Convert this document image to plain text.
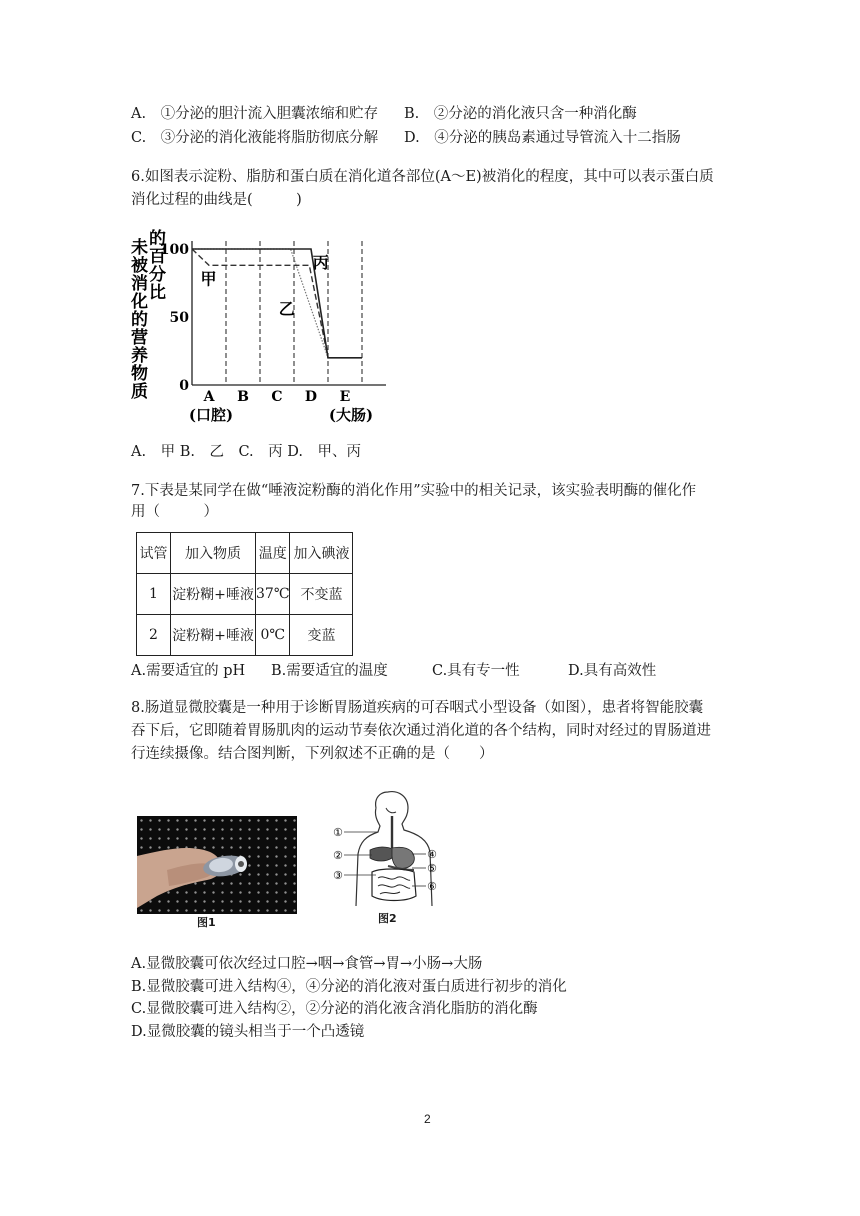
A.　①分泌的胆汁流入胆囊浓缩和贮存 B.　②分泌的消化液只含一种消化酶
C.　③分泌的消化液能将脂肪彻底分解 D.　④分泌的胰岛素通过导管流入十二指肠
6.如图表示淀粉、脂肪和蛋白质在消化道各部位(A～E)被消化的程度，其中可以表示蛋白质
消化过程的曲线是(　　　)
未
被
消
化
的
营
养
物
质
的
百
分
比
0
50
100
A
(口腔)
B C D E
(大肠)
甲
乙
丙
A.　甲 B.　乙　C.　丙 D.　甲、丙
7.下表是某同学在做“唾液淀粉酶的消化作用”实验中的相关记录，该实验表明酶的催化作
用（　　　）
试管	加入物质	温度	加入碘液
1	淀粉糊+唾液	37℃	不变蓝
2	淀粉糊+唾液	0℃	变蓝
A.需要适宜的 pH B.需要适宜的温度	C.具有专一性	D.具有高效性
8.肠道显微胶囊是一种用于诊断胃肠道疾病的可吞咽式小型设备（如图），患者将智能胶囊
吞下后，它即随着胃肠肌肉的运动节奏依次通过消化道的各个结构，同时对经过的胃肠道进
行连续摄像。结合图判断，下列叙述不正确的是（　　）
图1
①
②
③
④
⑤
⑥
图2
A.显微胶囊可依次经过口腔→咽→食管→胃→小肠→大肠
B.显微胶囊可进入结构④，④分泌的消化液对蛋白质进行初步的消化
C.显微胶囊可进入结构②，②分泌的消化液含消化脂肪的消化酶
D.显微胶囊的镜头相当于一个凸透镜
2
